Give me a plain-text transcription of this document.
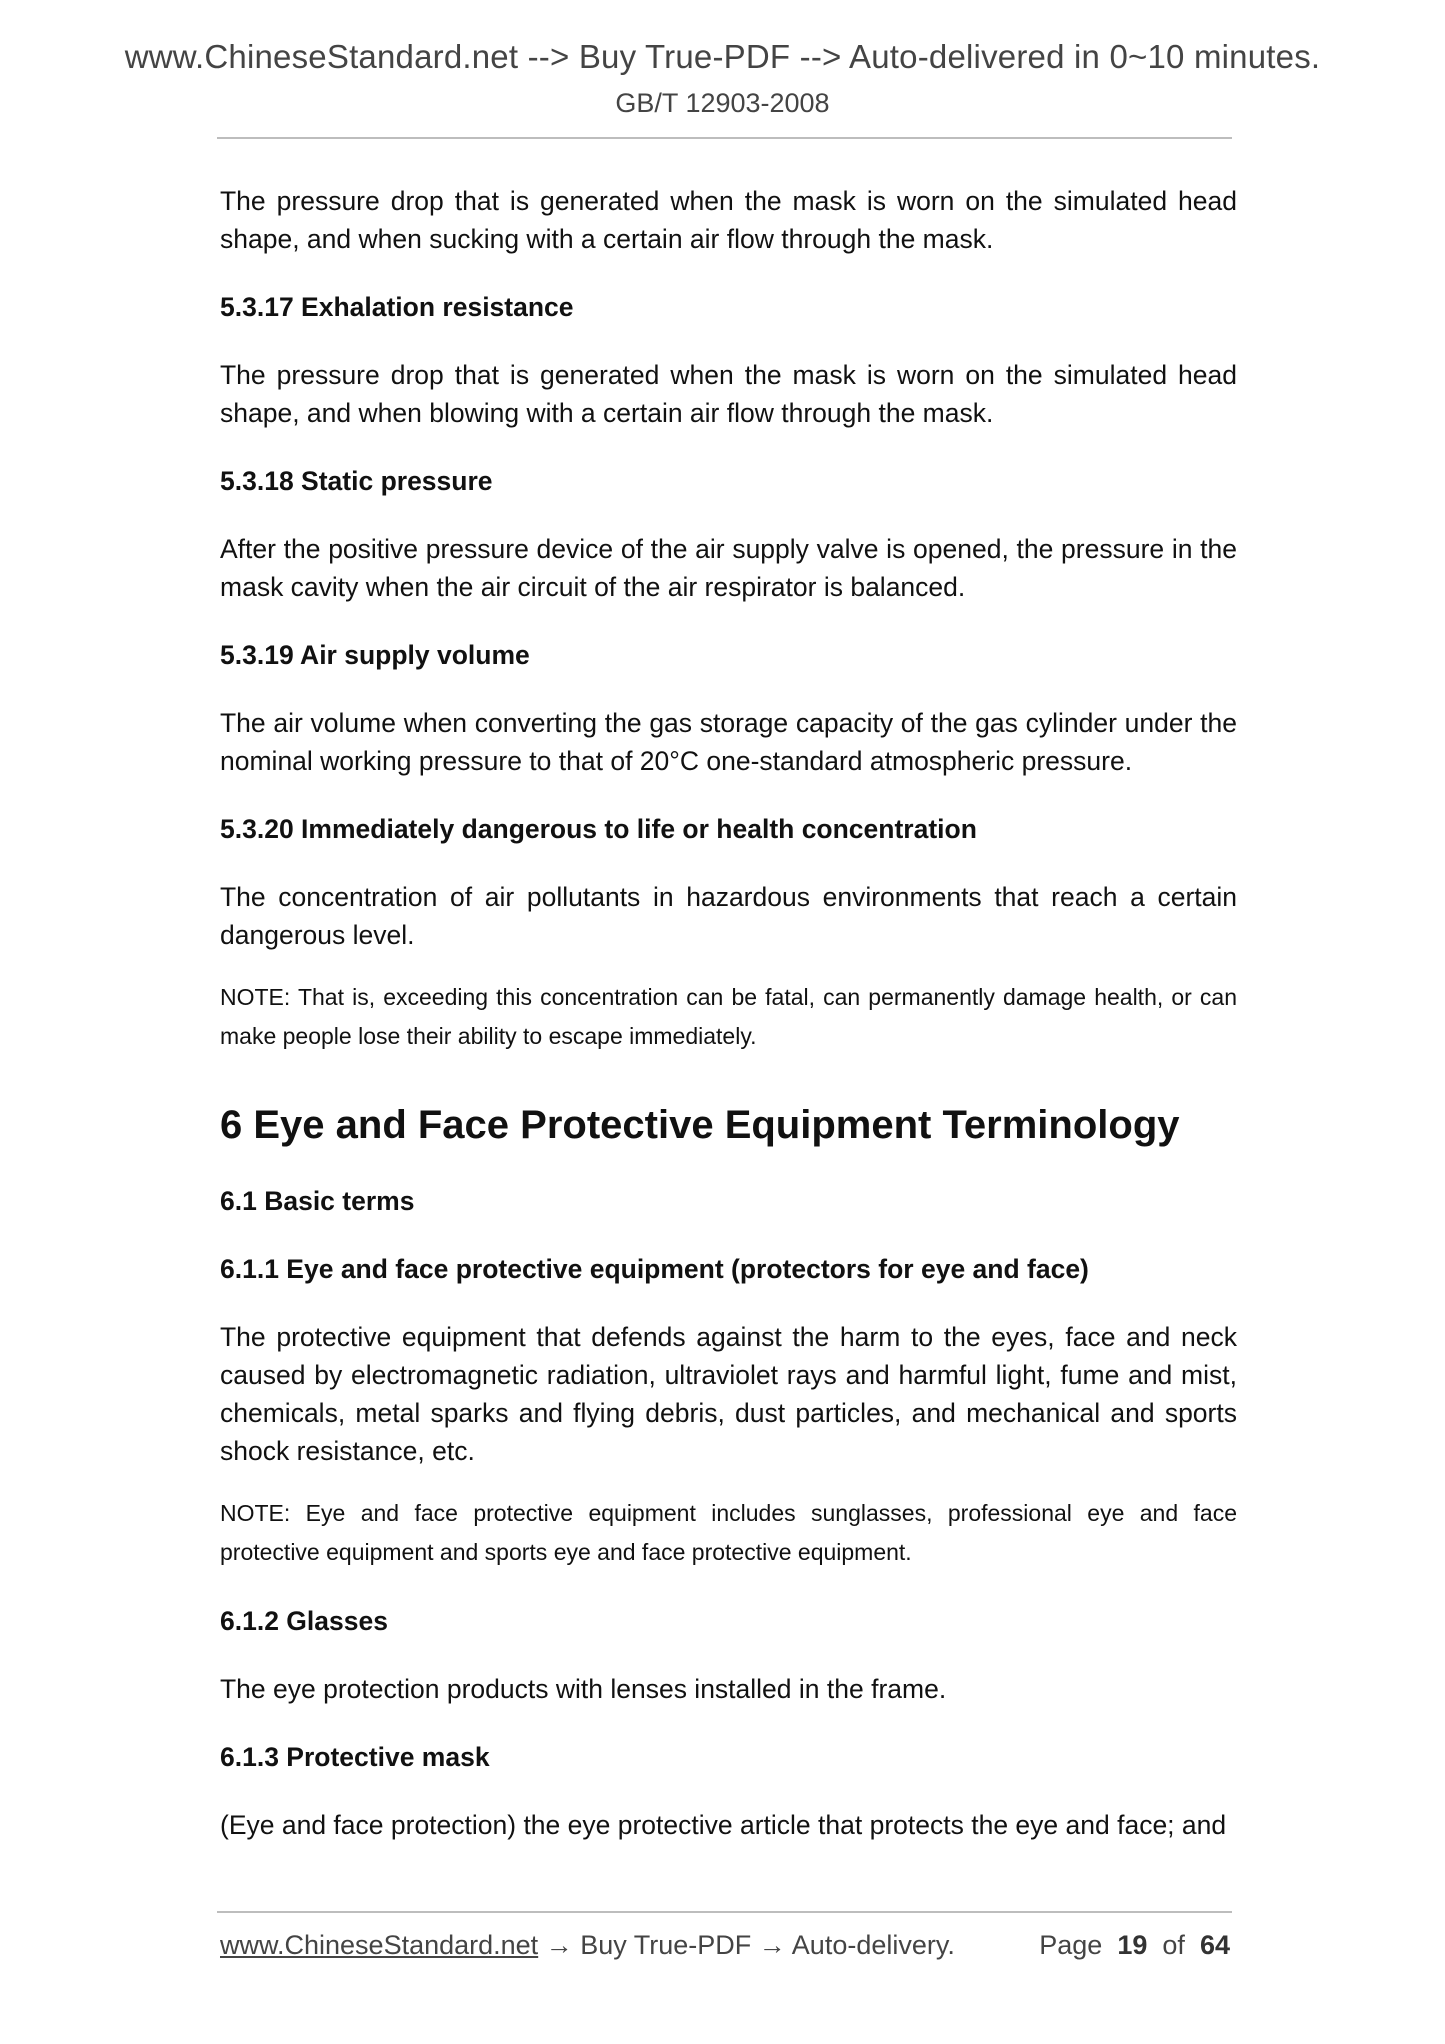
www.ChineseStandard.net --> Buy True-PDF --> Auto-delivered in 0~10 minutes.
GB/T 12903-2008

The pressure drop that is generated when the mask is worn on the simulated head shape, and when sucking with a certain air flow through the mask.

5.3.17 Exhalation resistance

The pressure drop that is generated when the mask is worn on the simulated head shape, and when blowing with a certain air flow through the mask.

5.3.18 Static pressure

After the positive pressure device of the air supply valve is opened, the pressure in the mask cavity when the air circuit of the air respirator is balanced.

5.3.19 Air supply volume

The air volume when converting the gas storage capacity of the gas cylinder under the nominal working pressure to that of 20°C one-standard atmospheric pressure.

5.3.20 Immediately dangerous to life or health concentration

The concentration of air pollutants in hazardous environments that reach a certain dangerous level.

NOTE: That is, exceeding this concentration can be fatal, can permanently damage health, or can make people lose their ability to escape immediately.

6 Eye and Face Protective Equipment Terminology
6.1 Basic terms
6.1.1 Eye and face protective equipment (protectors for eye and face)

The protective equipment that defends against the harm to the eyes, face and neck caused by electromagnetic radiation, ultraviolet rays and harmful light, fume and mist, chemicals, metal sparks and flying debris, dust particles, and mechanical and sports shock resistance, etc.

NOTE: Eye and face protective equipment includes sunglasses, professional eye and face protective equipment and sports eye and face protective equipment.

6.1.2 Glasses

The eye protection products with lenses installed in the frame.

6.1.3 Protective mask

(Eye and face protection) the eye protective article that protects the eye and face; and

www.ChineseStandard.net → Buy True-PDF → Auto-delivery.	Page 19 of 64
